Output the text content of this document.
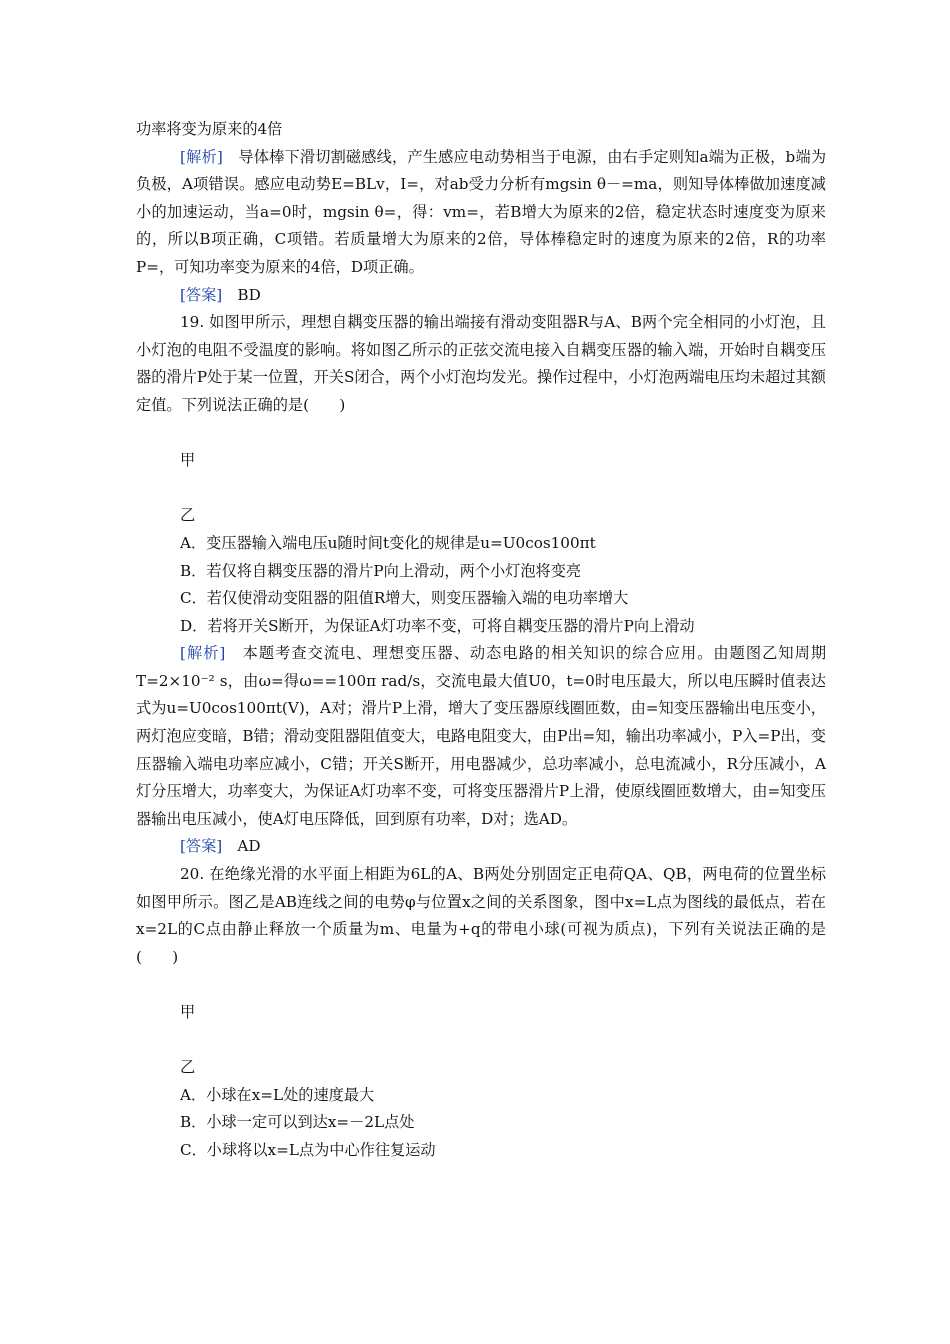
功率将变为原来的4倍

[解析]　 导体棒下滑切割磁感线，产生感应电动势相当于电源，由右手定则知a端为正极，b端为负极，A项错误。感应电动势E=BLv，I=，对ab受力分析有mgsin θ－=ma，则知导体棒做加速度减小的加速运动，当a=0时，mgsin θ=，得：vm=，若B增大为原来的2倍，稳定状态时速度变为原来的，所以B项正确，C项错。若质量增大为原来的2倍，导体棒稳定时的速度为原来的2倍，R的功率P=，可知功率变为原来的4倍，D项正确。

[答案]　 BD

19. 如图甲所示，理想自耦变压器的输出端接有滑动变阻器R与A、B两个完全相同的小灯泡，且小灯泡的电阻不受温度的影响。将如图乙所示的正弦交流电接入自耦变压器的输入端，开始时自耦变压器的滑片P处于某一位置，开关S闭合，两个小灯泡均发光。操作过程中，小灯泡两端电压均未超过其额定值。下列说法正确的是(　　)

甲

乙

A．变压器输入端电压u随时间t变化的规律是u=U0cos100πt

B．若仅将自耦变压器的滑片P向上滑动，两个小灯泡将变亮

C．若仅使滑动变阻器的阻值R增大，则变压器输入端的电功率增大

D．若将开关S断开，为保证A灯功率不变，可将自耦变压器的滑片P向上滑动

[解析]　 本题考查交流电、理想变压器、动态电路的相关知识的综合应用。由题图乙知周期T=2×10⁻² s，由ω=得ω==100π rad/s，交流电最大值U0，t=0时电压最大，所以电压瞬时值表达式为u=U0cos100πt(V)，A对；滑片P上滑，增大了变压器原线圈匝数，由=知变压器输出电压变小，两灯泡应变暗，B错；滑动变阻器阻值变大，电路电阻变大，由P出=知，输出功率减小，P入=P出，变压器输入端电功率应减小，C错；开关S断开，用电器减少，总功率减小，总电流减小，R分压减小，A灯分压增大，功率变大，为保证A灯功率不变，可将变压器滑片P上滑，使原线圈匝数增大，由=知变压器输出电压减小，使A灯电压降低，回到原有功率，D对；选AD。

[答案]　 AD

20. 在绝缘光滑的水平面上相距为6L的A、B两处分别固定正电荷QA、QB，两电荷的位置坐标如图甲所示。图乙是AB连线之间的电势φ与位置x之间的关系图象，图中x=L点为图线的最低点，若在x=2L的C点由静止释放一个质量为m、电量为+q的带电小球(可视为质点)，下列有关说法正确的是(　　)

甲

乙

A．小球在x=L处的速度最大

B．小球一定可以到达x=－2L点处

C．小球将以x=L点为中心作往复运动
